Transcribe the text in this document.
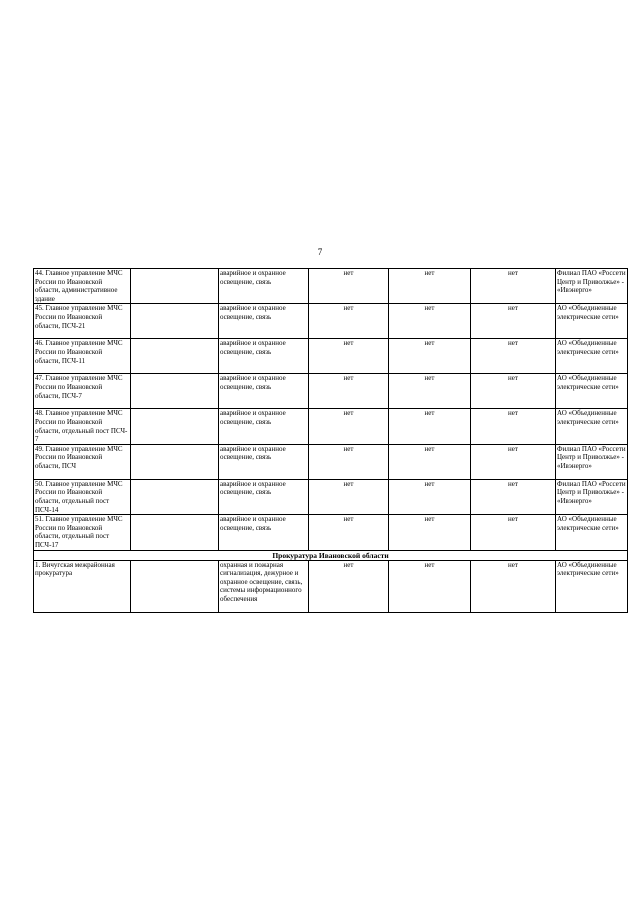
7
44. Главное управление МЧС России по Ивановской области, административное здание		аварийное и охранное освещение, связь	нет	нет	нет	Филиал ПАО «Россети Центр и Приволжье» - «Ивэнерго»
45. Главное управление МЧС России по Ивановской области, ПСЧ-21		аварийное и охранное освещение, связь	нет	нет	нет	АО «Объединенные электрические сети»
46. Главное управление МЧС России по Ивановской области, ПСЧ-11		аварийное и охранное освещение, связь	нет	нет	нет	АО «Объединенные электрические сети»
47. Главное управление МЧС России по Ивановской области, ПСЧ-7		аварийное и охранное освещение, связь	нет	нет	нет	АО «Объединенные электрические сети»
48. Главное управление МЧС России по Ивановской области, отдельный пост ПСЧ- 7		аварийное и охранное освещение, связь	нет	нет	нет	АО «Объединенные электрические сети»
49. Главное управление МЧС России по Ивановской области, ПСЧ		аварийное и охранное освещение, связь	нет	нет	нет	Филиал ПАО «Россети Центр и Приволжье» - «Ивэнерго»
50. Главное управление МЧС России по Ивановской области, отдельный пост ПСЧ-14		аварийное и охранное освещение, связь	нет	нет	нет	Филиал ПАО «Россети Центр и Приволжье» - «Ивэнерго»
51. Главное управление МЧС России по Ивановской области, отдельный пост ПСЧ-17		аварийное и охранное освещение, связь	нет	нет	нет	АО «Объединенные электрические сети»
Прокуратура Ивановской области						
1. Вичугская межрайонная прокуратура		охранная и пожарная сигнализация, дежурное и охранное освещение, связь, системы информационного обеспечения	нет	нет	нет	АО «Объединенные электрические сети»
